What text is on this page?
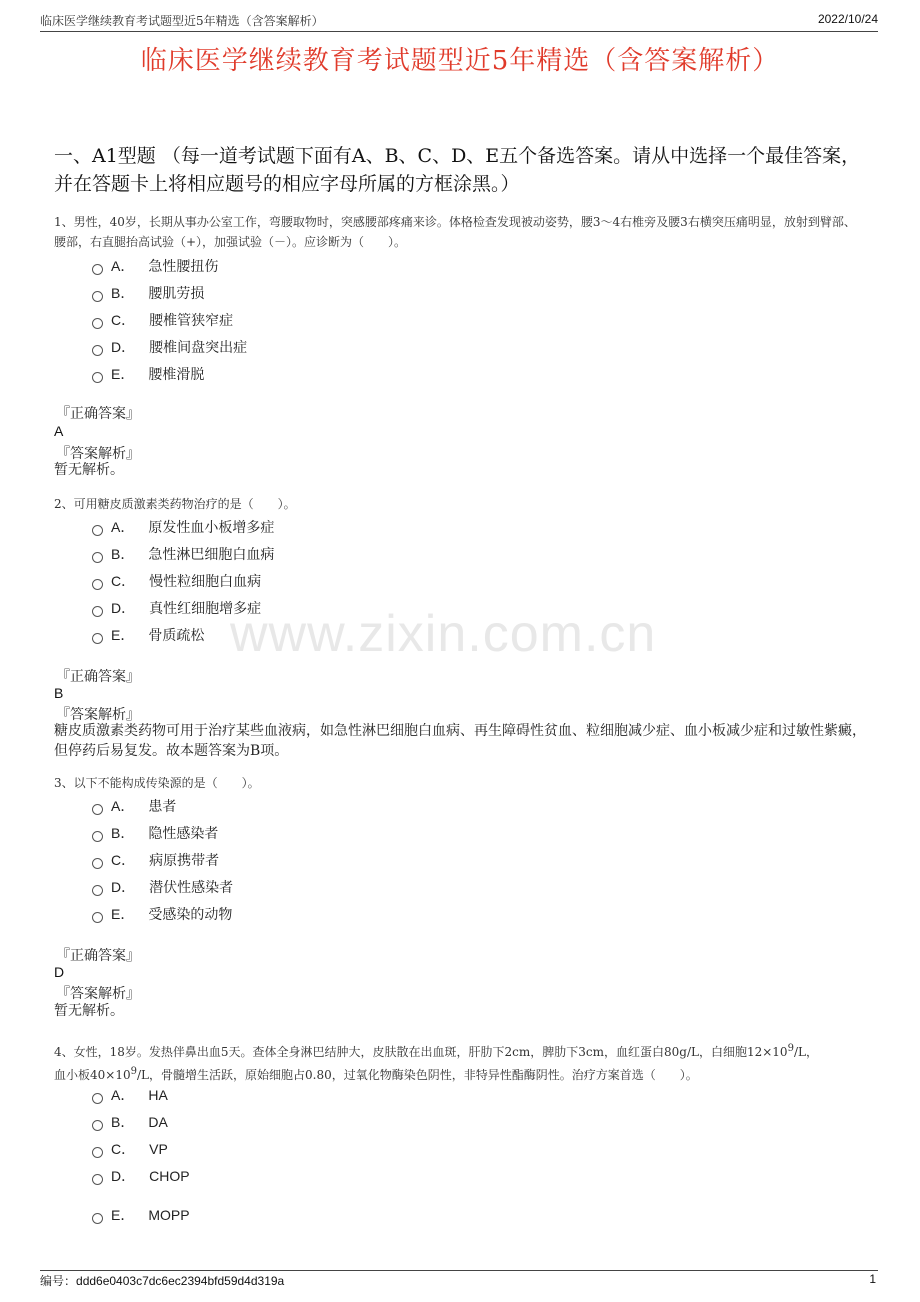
临床医学继续教育考试题型近5年精选（含答案解析）	2022/10/24
临床医学继续教育考试题型近5年精选（含答案解析）
一、A1型题 （每一道考试题下面有A、B、C、D、E五个备选答案。请从中选择一个最佳答案，并在答题卡上将相应题号的相应字母所属的方框涂黑。）
www.zixin.com.cn
1、男性，40岁，长期从事办公室工作，弯腰取物时，突感腰部疼痛来诊。体格检查发现被动姿势，腰3～4右椎旁及腰3右横突压痛明显，放射到臂部、腰部，右直腿抬高试验（+），加强试验（－）。应诊断为（　　）。
A． 急性腰扭伤
B． 腰肌劳损
C． 腰椎管狭窄症
D． 腰椎间盘突出症
E． 腰椎滑脱
『正确答案』
A
『答案解析』
暂无解析。
2、可用糖皮质激素类药物治疗的是（　　）。
A． 原发性血小板增多症
B． 急性淋巴细胞白血病
C． 慢性粒细胞白血病
D． 真性红细胞增多症
E． 骨质疏松
『正确答案』
B
『答案解析』
糖皮质激素类药物可用于治疗某些血液病，如急性淋巴细胞白血病、再生障碍性贫血、粒细胞减少症、血小板减少症和过敏性紫癜，但停药后易复发。故本题答案为B项。
3、以下不能构成传染源的是（　　）。
A． 患者
B． 隐性感染者
C． 病原携带者
D． 潜伏性感染者
E． 受感染的动物
『正确答案』
D
『答案解析』
暂无解析。
4、女性，18岁。发热伴鼻出血5天。查体全身淋巴结肿大，皮肤散在出血斑，肝肋下2cm，脾肋下3cm，血红蛋白80g/L，白细胞$12\times 10^9/L$，
血小板$40\times 10^9/L$，骨髓增生活跃，原始细胞占0.80，过氧化物酶染色阴性，非特异性酯酶阴性。治疗方案首选（　　）。
A． HA
B． DA
C． VP
D． CHOP
E． MOPP
编号：ddd6e0403c7dc6ec2394bfd59d4d319a	1
